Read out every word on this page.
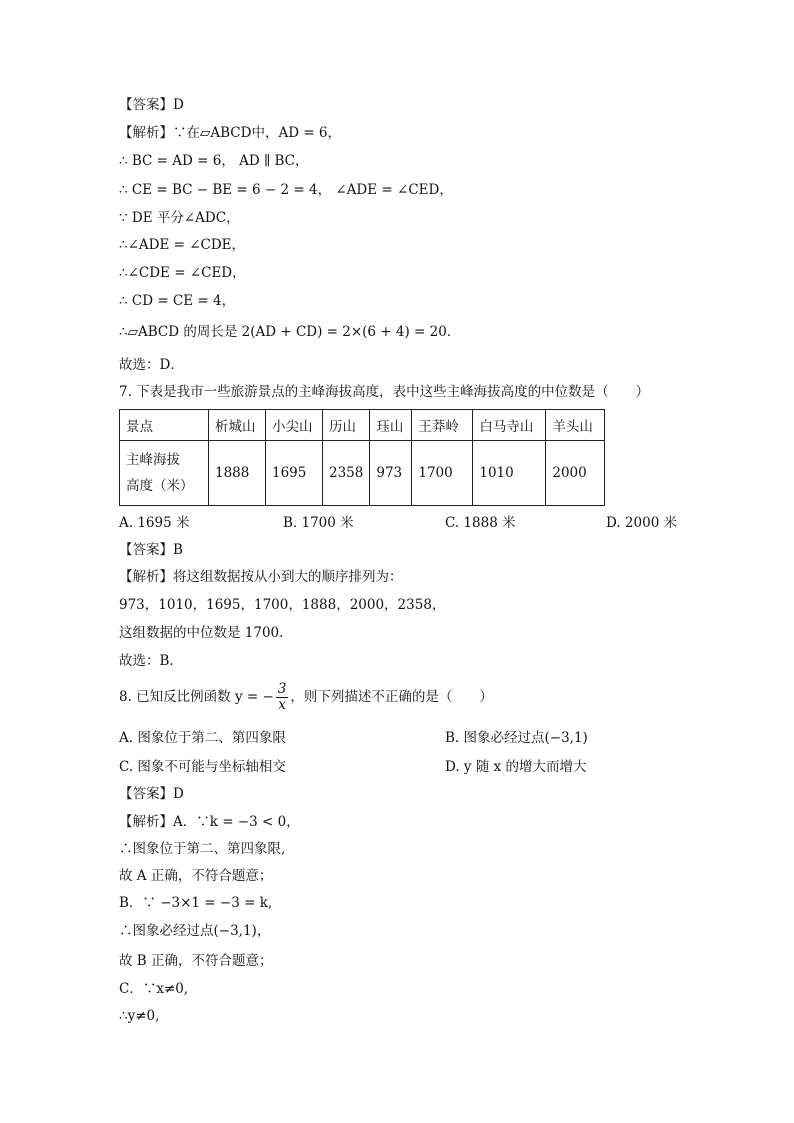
【答案】D
【解析】∵在▱ABCD中，AD = 6，
∴ BC = AD = 6， AD ∥ BC，
∴ CE = BC − BE = 6 − 2 = 4， ∠ADE = ∠CED，
∵ DE 平分∠ADC，
∴∠ADE = ∠CDE，
∴∠CDE = ∠CED，
∴ CD = CE = 4，
∴▱ABCD 的周长是 2(AD + CD) = 2×(6 + 4) = 20．
故选：D．
7. 下表是我市一些旅游景点的主峰海拔高度，表中这些主峰海拔高度的中位数是（　　）
景点	析城山	小尖山	历山	珏山	王莽岭	白马寺山	羊头山
主峰海拔
高度（米）	1888	1695	2358	973	1700	1010	2000
A. 1695 米	B. 1700 米	C. 1888 米	D. 2000 米
【答案】B
【解析】将这组数据按从小到大的顺序排列为：
973，1010，1695，1700，1888，2000，2358，
这组数据的中位数是 1700．
故选：B．
8. 已知反比例函数 y = − $\frac{3}{x}$ ，则下列描述不正确的是（　　）
A. 图象位于第二、第四象限	B. 图象必经过点(−3,1)
C. 图象不可能与坐标轴相交	D. y 随 x 的增大而增大
【答案】D
【解析】A．∵k = −3 < 0，
∴图象位于第二、第四象限,
故 A 正确，不符合题意；
B．∵ −3×1 = −3 = k,
∴图象必经过点(−3,1)，
故 B 正确，不符合题意；
C．∵x≠0,
∴y≠0,
